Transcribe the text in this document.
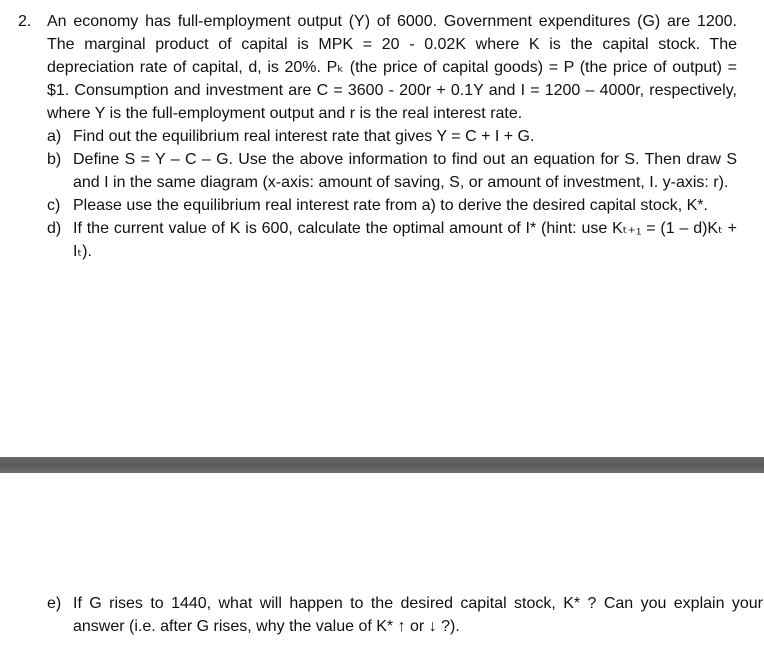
2. An economy has full-employment output (Y) of 6000. Government expenditures (G) are 1200. The marginal product of capital is MPK = 20 - 0.02K where K is the capital stock. The depreciation rate of capital, d, is 20%. Pₖ (the price of capital goods) = P (the price of output) = $1. Consumption and investment are C = 3600 - 200r + 0.1Y and I = 1200 – 4000r, respectively, where Y is the full-employment output and r is the real interest rate.

a) Find out the equilibrium real interest rate that gives Y = C + I + G.
b) Define S = Y – C – G. Use the above information to find out an equation for S. Then draw S and I in the same diagram (x-axis: amount of saving, S, or amount of investment, I. y-axis: r).
c) Please use the equilibrium real interest rate from a) to derive the desired capital stock, K*.
d) If the current value of K is 600, calculate the optimal amount of I* (hint: use Kₜ₊₁ = (1 – d)Kₜ + Iₜ).
e) If G rises to 1440, what will happen to the desired capital stock, K* ? Can you explain your answer (i.e. after G rises, why the value of K* ↑ or ↓ ?).
